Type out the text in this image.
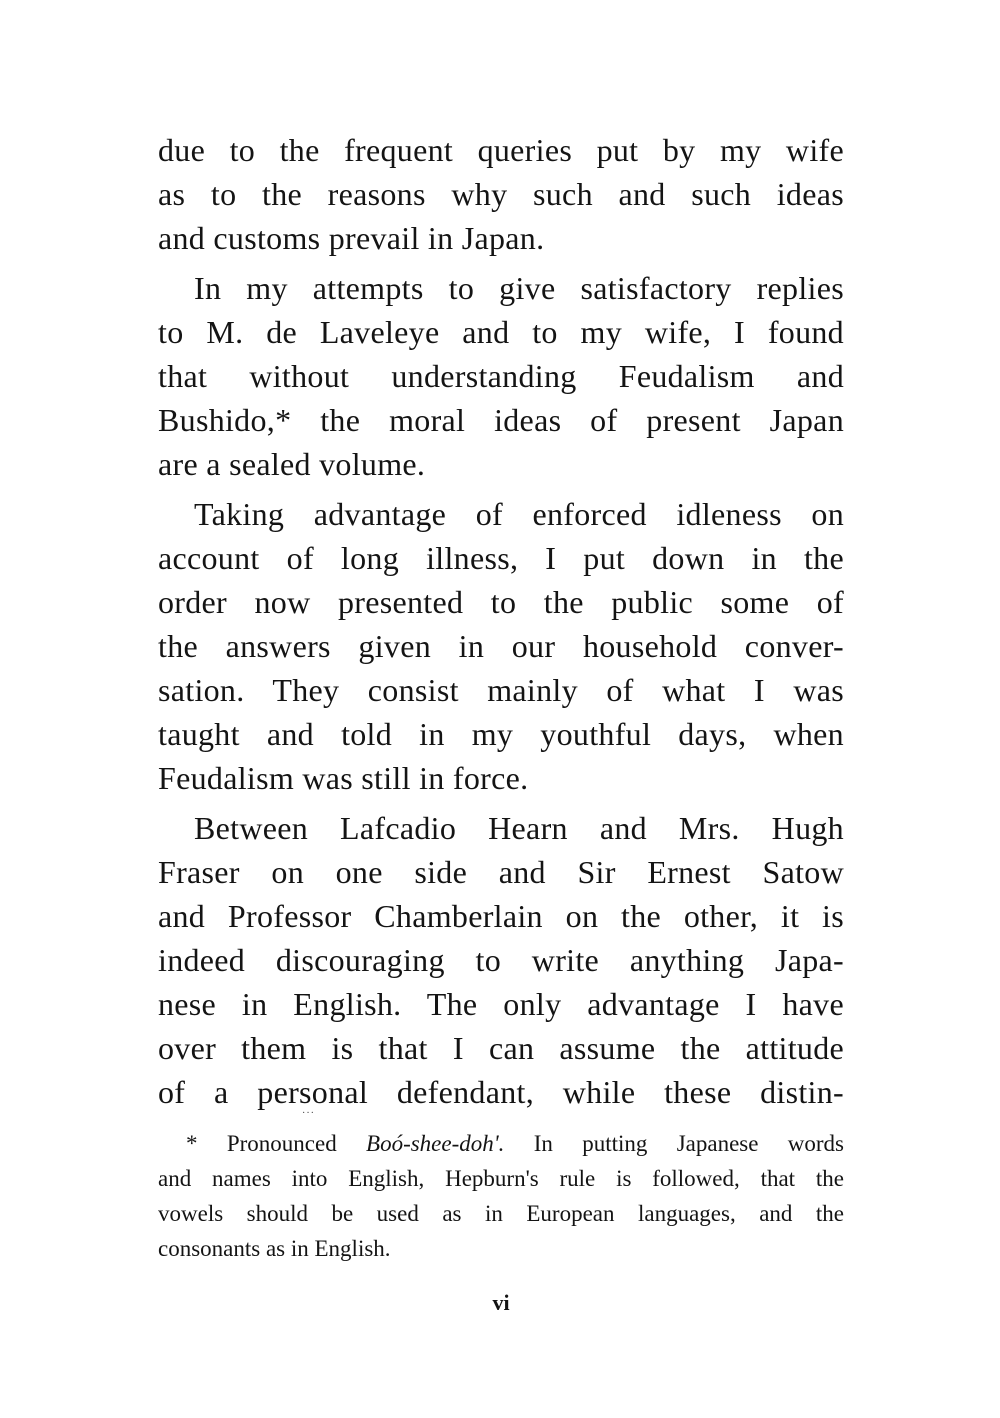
due to the frequent queries put by my wife
as to the reasons why such and such ideas
and customs prevail in Japan.

In my attempts to give satisfactory replies
to M. de Laveleye and to my wife, I found
that without understanding Feudalism and
Bushido,* the moral ideas of present Japan
are a sealed volume.

Taking advantage of enforced idleness on
account of long illness, I put down in the
order now presented to the public some of
the answers given in our household conver-
sation. They consist mainly of what I was
taught and told in my youthful days, when
Feudalism was still in force.

Between Lafcadio Hearn and Mrs. Hugh
Fraser on one side and Sir Ernest Satow
and Professor Chamberlain on the other, it is
indeed discouraging to write anything Japa-
nese in English. The only advantage I have
over them is that I can assume the attitude
of a personal defendant, while these distin-

···
* Pronounced Boó-shee-doh'. In putting Japanese words
and names into English, Hepburn's rule is followed, that the
vowels should be used as in European languages, and the
consonants as in English.
vi
